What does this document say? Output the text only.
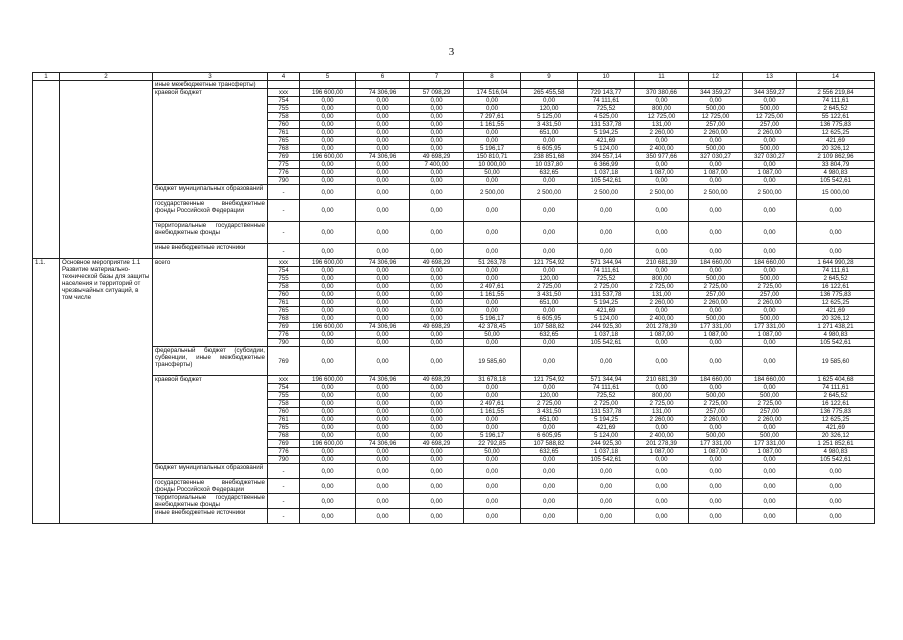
3
1	2	3	4	5	6	7	8	9	10	11	12	13	14
		иные межбюджетные трансферты)											
		краевой бюджет	ххх	196 600,00	74 306,96	57 098,29	174 516,04	265 455,58	729 143,77	370 380,66	344 359,27	344 359,27	2 556 219,84
			754	0,00	0,00	0,00	0,00	0,00	74 111,61	0,00	0,00	0,00	74 111,61
			755	0,00	0,00	0,00	0,00	120,00	725,52	800,00	500,00	500,00	2 645,52
			758	0,00	0,00	0,00	7 297,61	5 125,00	4 525,00	12 725,00	12 725,00	12 725,00	55 122,61
			760	0,00	0,00	0,00	1 161,55	3 431,50	131 537,78	131,00	257,00	257,00	136 775,83
			761	0,00	0,00	0,00	0,00	651,00	5 194,25	2 260,00	2 260,00	2 260,00	12 625,25
			765	0,00	0,00	0,00	0,00	0,00	421,69	0,00	0,00	0,00	421,69
			768	0,00	0,00	0,00	5 196,17	6 605,95	5 124,00	2 400,00	500,00	500,00	20 326,12
			769	196 600,00	74 306,96	49 698,29	150 810,71	238 851,68	394 557,14	350 977,66	327 030,27	327 030,27	2 109 862,96
			775	0,00	0,00	7 400,00	10 000,00	10 037,80	6 366,99	0,00	0,00	0,00	33 804,79
			776	0,00	0,00	0,00	50,00	632,65	1 037,18	1 087,00	1 087,00	1 087,00	4 980,83
			790	0,00	0,00	0,00	0,00	0,00	105 542,61	0,00	0,00	0,00	105 542,61
		бюджет муниципальных образований	-	0,00	0,00	0,00	2 500,00	2 500,00	2 500,00	2 500,00	2 500,00	2 500,00	15 000,00
		государственные внебюджетные фонды Российской Федерации	-	0,00	0,00	0,00	0,00	0,00	0,00	0,00	0,00	0,00	0,00
		территориальные государственные внебюджетные фонды	-	0,00	0,00	0,00	0,00	0,00	0,00	0,00	0,00	0,00	0,00
		иные внебюджетные источники	-	0,00	0,00	0,00	0,00	0,00	0,00	0,00	0,00	0,00	0,00
1.1.	Основное мероприятие 1.1 Развитие материально-технической базы для защиты населения и территорий от чрезвычайных ситуаций, в том числе	всего	ххх	196 600,00	74 306,96	49 698,29	51 263,78	121 754,92	571 344,94	210 681,39	184 660,00	184 660,00	1 644 990,28
			754	0,00	0,00	0,00	0,00	0,00	74 111,61	0,00	0,00	0,00	74 111,61
			755	0,00	0,00	0,00	0,00	120,00	725,52	800,00	500,00	500,00	2 645,52
			758	0,00	0,00	0,00	2 497,61	2 725,00	2 725,00	2 725,00	2 725,00	2 725,00	16 122,61
			760	0,00	0,00	0,00	1 161,55	3 431,50	131 537,78	131,00	257,00	257,00	136 775,83
			761	0,00	0,00	0,00	0,00	651,00	5 194,25	2 260,00	2 260,00	2 260,00	12 625,25
			765	0,00	0,00	0,00	0,00	0,00	421,69	0,00	0,00	0,00	421,69
			768	0,00	0,00	0,00	5 196,17	6 605,95	5 124,00	2 400,00	500,00	500,00	20 326,12
			769	196 600,00	74 306,96	49 698,29	42 378,45	107 588,82	244 925,30	201 278,39	177 331,00	177 331,00	1 271 438,21
			776	0,00	0,00	0,00	50,00	632,65	1 037,18	1 087,00	1 087,00	1 087,00	4 980,83
			790	0,00	0,00	0,00	0,00	0,00	105 542,61	0,00	0,00	0,00	105 542,61
		федеральный бюджет (субсидии, субвенции, иные межбюджетные трансферты)	769	0,00	0,00	0,00	19 585,60	0,00	0,00	0,00	0,00	0,00	19 585,60
		краевой бюджет	ххх	196 600,00	74 306,96	49 698,29	31 678,18	121 754,92	571 344,94	210 681,39	184 660,00	184 660,00	1 625 404,68
			754	0,00	0,00	0,00	0,00	0,00	74 111,61	0,00	0,00	0,00	74 111,61
			755	0,00	0,00	0,00	0,00	120,00	725,52	800,00	500,00	500,00	2 645,52
			758	0,00	0,00	0,00	2 497,61	2 725,00	2 725,00	2 725,00	2 725,00	2 725,00	16 122,61
			760	0,00	0,00	0,00	1 161,55	3 431,50	131 537,78	131,00	257,00	257,00	136 775,83
			761	0,00	0,00	0,00	0,00	651,00	5 194,25	2 260,00	2 260,00	2 260,00	12 625,25
			765	0,00	0,00	0,00	0,00	0,00	421,69	0,00	0,00	0,00	421,69
			768	0,00	0,00	0,00	5 196,17	6 605,95	5 124,00	2 400,00	500,00	500,00	20 326,12
			769	196 600,00	74 306,96	49 698,29	22 792,85	107 588,82	244 925,30	201 278,39	177 331,00	177 331,00	1 251 852,61
			776	0,00	0,00	0,00	50,00	632,65	1 037,18	1 087,00	1 087,00	1 087,00	4 980,83
			790	0,00	0,00	0,00	0,00	0,00	105 542,61	0,00	0,00	0,00	105 542,61
		бюджет муниципальных образований	-	0,00	0,00	0,00	0,00	0,00	0,00	0,00	0,00	0,00	0,00
		государственные внебюджетные фонды Российской Федерации	-	0,00	0,00	0,00	0,00	0,00	0,00	0,00	0,00	0,00	0,00
		территориальные государственные внебюджетные фонды	-	0,00	0,00	0,00	0,00	0,00	0,00	0,00	0,00	0,00	0,00
		иные внебюджетные источники	-	0,00	0,00	0,00	0,00	0,00	0,00	0,00	0,00	0,00	0,00
